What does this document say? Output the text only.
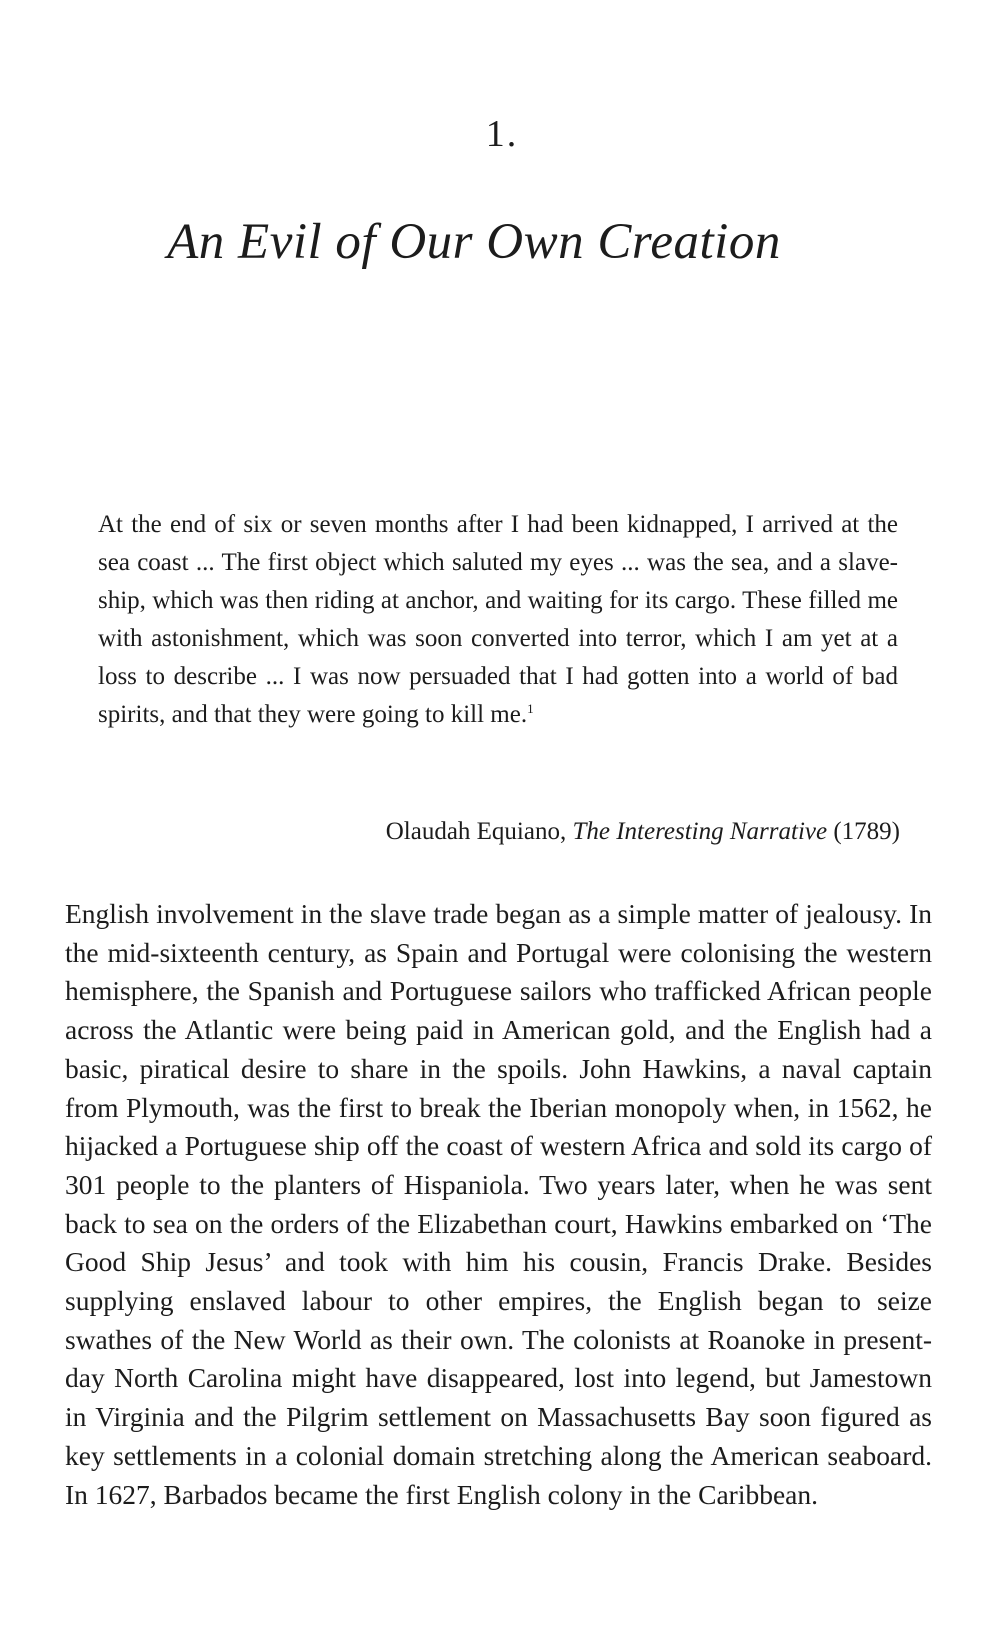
1.
An Evil of Our Own Creation

At the end of six or seven months after I had been kidnapped, I arrived at the sea coast ... The first object which saluted my eyes ... was the sea, and a slave-ship, which was then riding at anchor, and waiting for its cargo. These filled me with astonishment, which was soon converted into terror, which I am yet at a loss to describe ... I was now persuaded that I had gotten into a world of bad spirits, and that they were going to kill me.$^1$

Olaudah Equiano, The Interesting Narrative (1789)

English involvement in the slave trade began as a simple matter of jealousy. In the mid-sixteenth century, as Spain and Portugal were colonising the western hemisphere, the Spanish and Portuguese sailors who trafficked African people across the Atlantic were being paid in American gold, and the English had a basic, piratical desire to share in the spoils. John Hawkins, a naval captain from Plymouth, was the first to break the Iberian monopoly when, in 1562, he hijacked a Portuguese ship off the coast of western Africa and sold its cargo of 301 people to the planters of Hispaniola. Two years later, when he was sent back to sea on the orders of the Elizabethan court, Hawkins embarked on ‘The Good Ship Jesus’ and took with him his cousin, Francis Drake. Besides supplying enslaved labour to other empires, the English began to seize swathes of the New World as their own. The colonists at Roanoke in present-day North Carolina might have disappeared, lost into legend, but Jamestown in Virginia and the Pilgrim settlement on Massachusetts Bay soon figured as key settlements in a colonial domain stretching along the American seaboard. In 1627, Barbados became the first English colony in the Caribbean.
